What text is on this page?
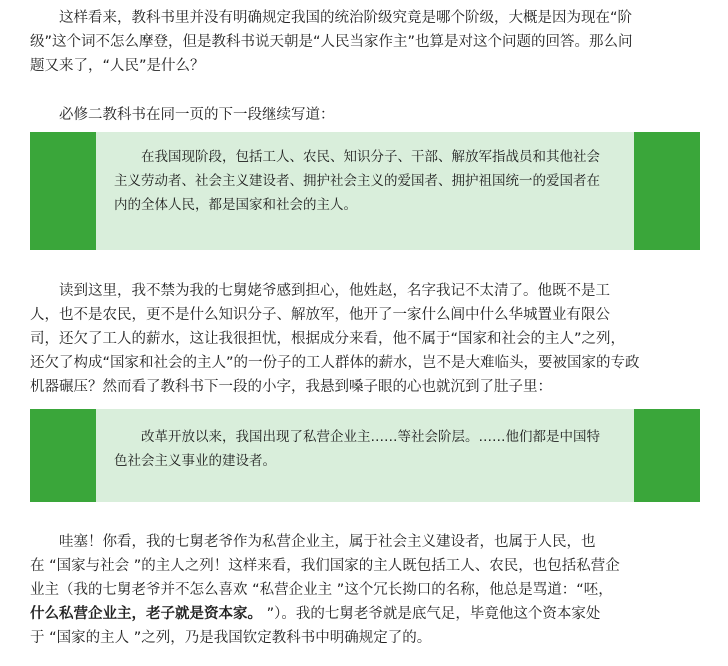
这样看来，教科书里并没有明确规定我国的统治阶级究竟是哪个阶级，大概是因为现在“阶
级”这个词不怎么摩登，但是教科书说天朝是“人民当家作主”也算是对这个问题的回答。那么问
题又来了，“人民”是什么？
必修二教科书在同一页的下一段继续写道：
在我国现阶段，包括工人、农民、知识分子、干部、解放军指战员和其他社会
主义劳动者、社会主义建设者、拥护社会主义的爱国者、拥护祖国统一的爱国者在
内的全体人民，都是国家和社会的主人。
读到这里，我不禁为我的七舅姥爷感到担心，他姓赵，名字我记不太清了。他既不是工
人，也不是农民，更不是什么知识分子、解放军，他开了一家什么阊中什么华城置业有限公
司，还欠了工人的薪水，这让我很担忧，根据成分来看，他不属于“国家和社会的主人”之列，
还欠了构成“国家和社会的主人”的一份子的工人群体的薪水，岂不是大难临头，要被国家的专政
机器碾压？然而看了教科书下一段的小字，我悬到嗓子眼的心也就沉到了肚子里：
改革开放以来，我国出现了私营企业主……等社会阶层。……他们都是中国特
色社会主义事业的建设者。
哇塞！你看，我的七舅老爷作为私营企业主，属于社会主义建设者，也属于人民，也
在 “国家与社会 ”的主人之列！这样来看，我们国家的主人既包括工人、农民，也包括私营企
业主（我的七舅老爷并不怎么喜欢 “私营企业主 ”这个冗长拗口的名称，他总是骂道：“呸，
什么私营企业主，老子就是资本家。 ”）。我的七舅老爷就是底气足，毕竟他这个资本家处
于 “国家的主人 ”之列，乃是我国钦定教科书中明确规定了的。
